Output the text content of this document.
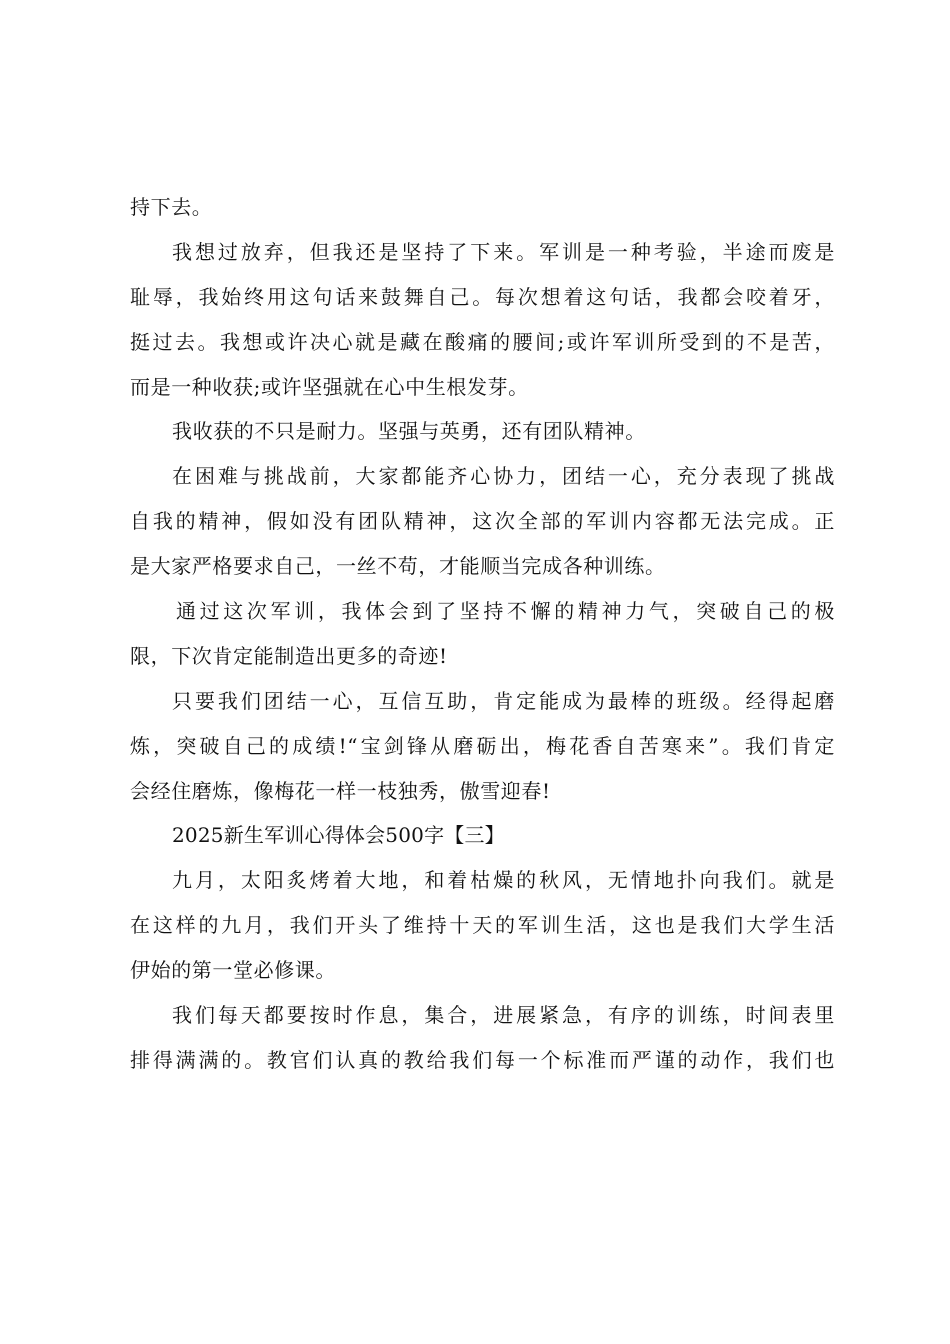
持下去。
我想过放弃，但我还是坚持了下来。军训是一种考验，半途而废是
耻辱，我始终用这句话来鼓舞自己。每次想着这句话，我都会咬着牙，
挺过去。我想或许决心就是藏在酸痛的腰间;或许军训所受到的不是苦，
而是一种收获;或许坚强就在心中生根发芽。
我收获的不只是耐力。坚强与英勇，还有团队精神。
在困难与挑战前，大家都能齐心协力，团结一心，充分表现了挑战
自我的精神，假如没有团队精神，这次全部的军训内容都无法完成。正
是大家严格要求自己，一丝不苟，才能顺当完成各种训练。
通过这次军训，我体会到了坚持不懈的精神力气，突破自己的极
限，下次肯定能制造出更多的奇迹!
只要我们团结一心，互信互助，肯定能成为最棒的班级。经得起磨
炼，突破自己的成绩!“宝剑锋从磨砺出，梅花香自苦寒来”。我们肯定
会经住磨炼，像梅花一样一枝独秀，傲雪迎春!
2025新生军训心得体会500字【三】
九月，太阳炙烤着大地，和着枯燥的秋风，无情地扑向我们。就是
在这样的九月，我们开头了维持十天的军训生活，这也是我们大学生活
伊始的第一堂必修课。
我们每天都要按时作息，集合，进展紧急，有序的训练，时间表里
排得满满的。教官们认真的教给我们每一个标准而严谨的动作，我们也
